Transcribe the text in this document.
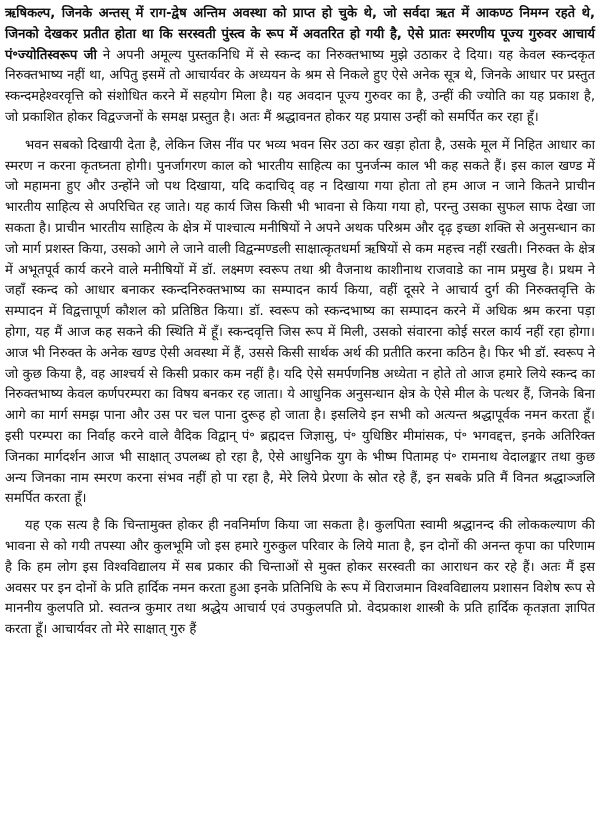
ऋषिकल्प, जिनके अन्तस् में राग-द्वेष अन्तिम अवस्था को प्राप्त हो चुके थे, जो सर्वदा ऋत में आकण्ठ निमग्न रहते थे, जिनको देखकर प्रतीत होता था कि सरस्वती पुंस्त्व के रूप में अवतरित हो गयी है, ऐसे प्रातः स्मरणीय पूज्य गुरुवर आचार्य पं॰ज्योतिस्वरूप जी ने अपनी अमूल्य पुस्तकनिधि में से स्कन्द का निरुक्तभाष्य मुझे उठाकर दे दिया। यह केवल स्कन्दकृत निरुक्तभाष्य नहीं था, अपितु इसमें तो आचार्यवर के अध्ययन के श्रम से निकले हुए ऐसे अनेक सूत्र थे, जिनके आधार पर प्रस्तुत स्कन्दमहेश्वरवृत्ति को संशोधित करने में सहयोग मिला है। यह अवदान पूज्य गुरुवर का है, उन्हीं की ज्योति का यह प्रकाश है, जो प्रकाशित होकर विद्वज्जनों के समक्ष प्रस्तुत है। अतः मैं श्रद्धावनत होकर यह प्रयास उन्हीं को समर्पित कर रहा हूँ।

भवन सबको दिखायी देता है, लेकिन जिस नींव पर भव्य भवन सिर उठा कर खड़ा होता है, उसके मूल में निहित आधार का स्मरण न करना कृतघ्नता होगी। पुनर्जागरण काल को भारतीय साहित्य का पुनर्जन्म काल भी कह सकते हैं। इस काल खण्ड में जो महामना हुए और उन्होंने जो पथ दिखाया, यदि कदाचिद् वह न दिखाया गया होता तो हम आज न जाने कितने प्राचीन भारतीय साहित्य से अपरिचित रह जाते। यह कार्य जिस किसी भी भावना से किया गया हो, परन्तु उसका सुफल साफ देखा जा सकता है। प्राचीन भारतीय साहित्य के क्षेत्र में पाश्चात्य मनीषियों ने अपने अथक परिश्रम और दृढ़ इच्छा शक्ति से अनुसन्धान का जो मार्ग प्रशस्त किया, उसको आगे ले जाने वाली विद्वन्मण्डली साक्षात्कृतधर्मा ऋषियों से कम महत्त्व नहीं रखती। निरुक्त के क्षेत्र में अभूतपूर्व कार्य करने वाले मनीषियों में डॉ. लक्ष्मण स्वरूप तथा श्री वैजनाथ काशीनाथ राजवाडे का नाम प्रमुख है। प्रथम ने जहाँ स्कन्द को आधार बनाकर स्कन्दनिरुक्तभाष्य का सम्पादन कार्य किया, वहीं दूसरे ने आचार्य दुर्ग की निरुक्तवृत्ति के सम्पादन में विद्वत्तापूर्ण कौशल को प्रतिष्ठित किया। डॉ. स्वरूप को स्कन्दभाष्य का सम्पादन करने में अधिक श्रम करना पड़ा होगा, यह मैं आज कह सकने की स्थिति में हूँ। स्कन्दवृत्ति जिस रूप में मिली, उसको संवारना कोई सरल कार्य नहीं रहा होगा। आज भी निरुक्त के अनेक खण्ड ऐसी अवस्था में हैं, उससे किसी सार्थक अर्थ की प्रतीति करना कठिन है। फिर भी डॉ. स्वरूप ने जो कुछ किया है, वह आश्चर्य से किसी प्रकार कम नहीं है। यदि ऐसे समर्पणनिष्ठ अध्येता न होते तो आज हमारे लिये स्कन्द का निरुक्तभाष्य केवल कर्णपरम्परा का विषय बनकर रह जाता। ये आधुनिक अनुसन्धान क्षेत्र के ऐसे मील के पत्थर हैं, जिनके बिना आगे का मार्ग समझ पाना और उस पर चल पाना दुरूह हो जाता है। इसलिये इन सभी को अत्यन्त श्रद्धापूर्वक नमन करता हूँ। इसी परम्परा का निर्वाह करने वाले वैदिक विद्वान् पं॰ ब्रह्मदत्त जिज्ञासु, पं॰ युधिष्ठिर मीमांसक, पं॰ भगवद्दत्त, इनके अतिरिक्त जिनका मार्गदर्शन आज भी साक्षात् उपलब्ध हो रहा है, ऐसे आधुनिक युग के भीष्म पितामह पं॰ रामनाथ वेदालङ्कार तथा कुछ अन्य जिनका नाम स्मरण करना संभव नहीं हो पा रहा है, मेरे लिये प्रेरणा के स्रोत रहे हैं, इन सबके प्रति मैं विनत श्रद्धाञ्जलि समर्पित करता हूँ।

यह एक सत्य है कि चिन्तामुक्त होकर ही नवनिर्माण किया जा सकता है। कुलपिता स्वामी श्रद्धानन्द की लोककल्याण की भावना से को गयी तपस्या और कुलभूमि जो इस हमारे गुरुकुल परिवार के लिये माता है, इन दोनों की अनन्त कृपा का परिणाम है कि हम लोग इस विश्वविद्यालय में सब प्रकार की चिन्ताओं से मुक्त होकर सरस्वती का आराधन कर रहे हैं। अतः मैं इस अवसर पर इन दोनों के प्रति हार्दिक नमन करता हुआ इनके प्रतिनिधि के रूप में विराजमान विश्वविद्यालय प्रशासन विशेष रूप से माननीय कुलपति प्रो. स्वतन्त्र कुमार तथा श्रद्धेय आचार्य एवं उपकुलपति प्रो. वेदप्रकाश शास्त्री के प्रति हार्दिक कृतज्ञता ज्ञापित करता हूँ। आचार्यवर तो मेरे साक्षात् गुरु हैं
